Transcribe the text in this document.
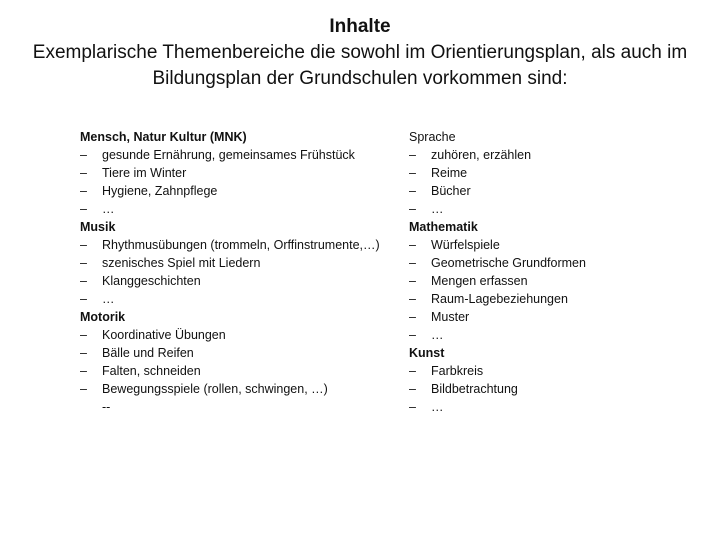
Inhalte
Exemplarische Themenbereiche die sowohl im Orientierungsplan, als auch im Bildungsplan der Grundschulen vorkommen sind:
Mensch, Natur Kultur (MNK)
–	gesunde Ernährung, gemeinsames Frühstück
–	Tiere im Winter
–	Hygiene, Zahnpflege
–	…
Musik
–	Rhythmusübungen (trommeln, Orffinstrumente,…)
–	szenisches Spiel mit Liedern
–	Klanggeschichten
–	…
Motorik
–	Koordinative Übungen
–	Bälle und Reifen
–	Falten, schneiden
–	Bewegungsspiele (rollen, schwingen, …)
--
Sprache
–	zuhören, erzählen
–	Reime
–	Bücher
–	…
Mathematik
–	Würfelspiele
–	Geometrische Grundformen
–	Mengen erfassen
–	Raum-Lagebeziehungen
–	Muster
–	…
Kunst
–	Farbkreis
–	Bildbetrachtung
–	…
